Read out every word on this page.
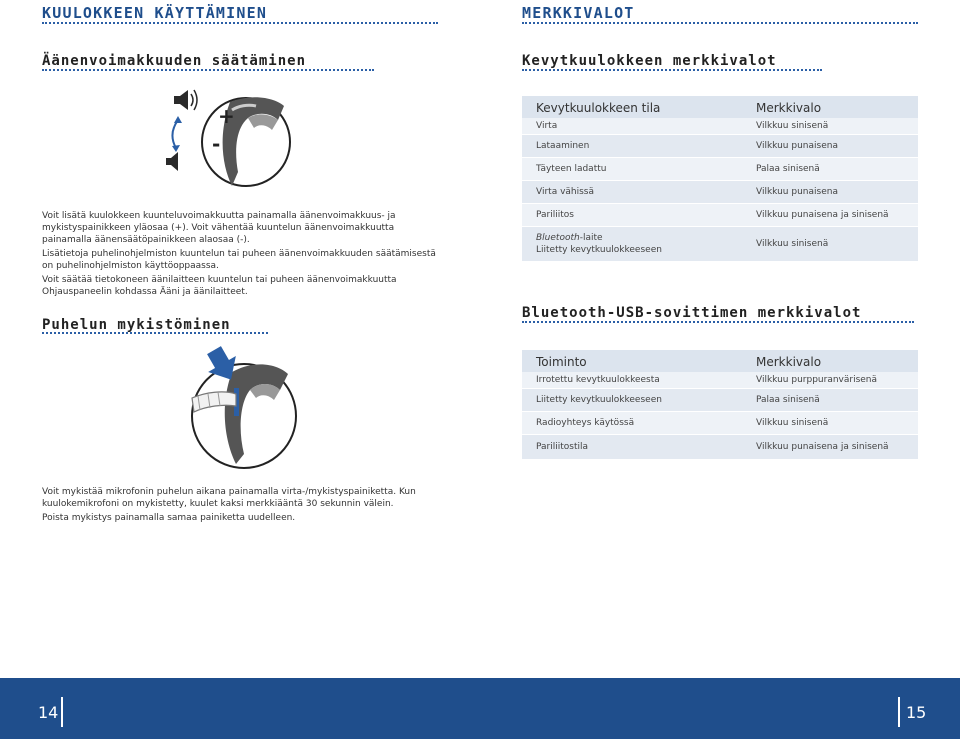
KUULOKKEEN KÄYTTÄMINEN
Äänenvoimakkuuden säätäminen
+
-
Voit lisätä kuulokkeen kuunteluvoimakkuutta painamalla äänenvoimakkuus- ja mykistyspainikkeen yläosaa (+). Voit vähentää kuuntelun äänenvoimakkuutta painamalla äänensäätöpainikkeen alaosaa (-).
Lisätietoja puhelinohjelmiston kuuntelun tai puheen äänenvoimakkuuden säätämisestä on puhelinohjelmiston käyttöoppaassa.
Voit säätää tietokoneen äänilaitteen kuuntelun tai puheen äänenvoimakkuutta Ohjauspaneelin kohdassa Ääni ja äänilaitteet.
Puhelun mykistöminen
Voit mykistää mikrofonin puhelun aikana painamalla virta-/mykistyspainiketta. Kun kuulokemikrofoni on mykistetty, kuulet kaksi merkkiääntä 30 sekunnin välein.
Poista mykistys painamalla samaa painiketta uudelleen.
MERKKIVALOT
Kevytkuulokkeen merkkivalot
Kevytkuulokkeen tila	Merkkivalo
Virta	Vilkkuu sinisenä
Lataaminen	Vilkkuu punaisena
Täyteen ladattu	Palaa sinisenä
Virta vähissä	Vilkkuu punaisena
Pariliitos	Vilkkuu punaisena ja sinisenä
Bluetooth-laite
Liitetty kevytkuulokkeeseen	Vilkkuu sinisenä
Bluetooth-USB-sovittimen merkkivalot
Toiminto	Merkkivalo
Irrotettu kevytkuulokkeesta	Vilkkuu purppuranvärisenä
Liitetty kevytkuulokkeeseen	Palaa sinisenä
Radioyhteys käytössä	Vilkkuu sinisenä
Pariliitostila	Vilkkuu punaisena ja sinisenä
14	15
